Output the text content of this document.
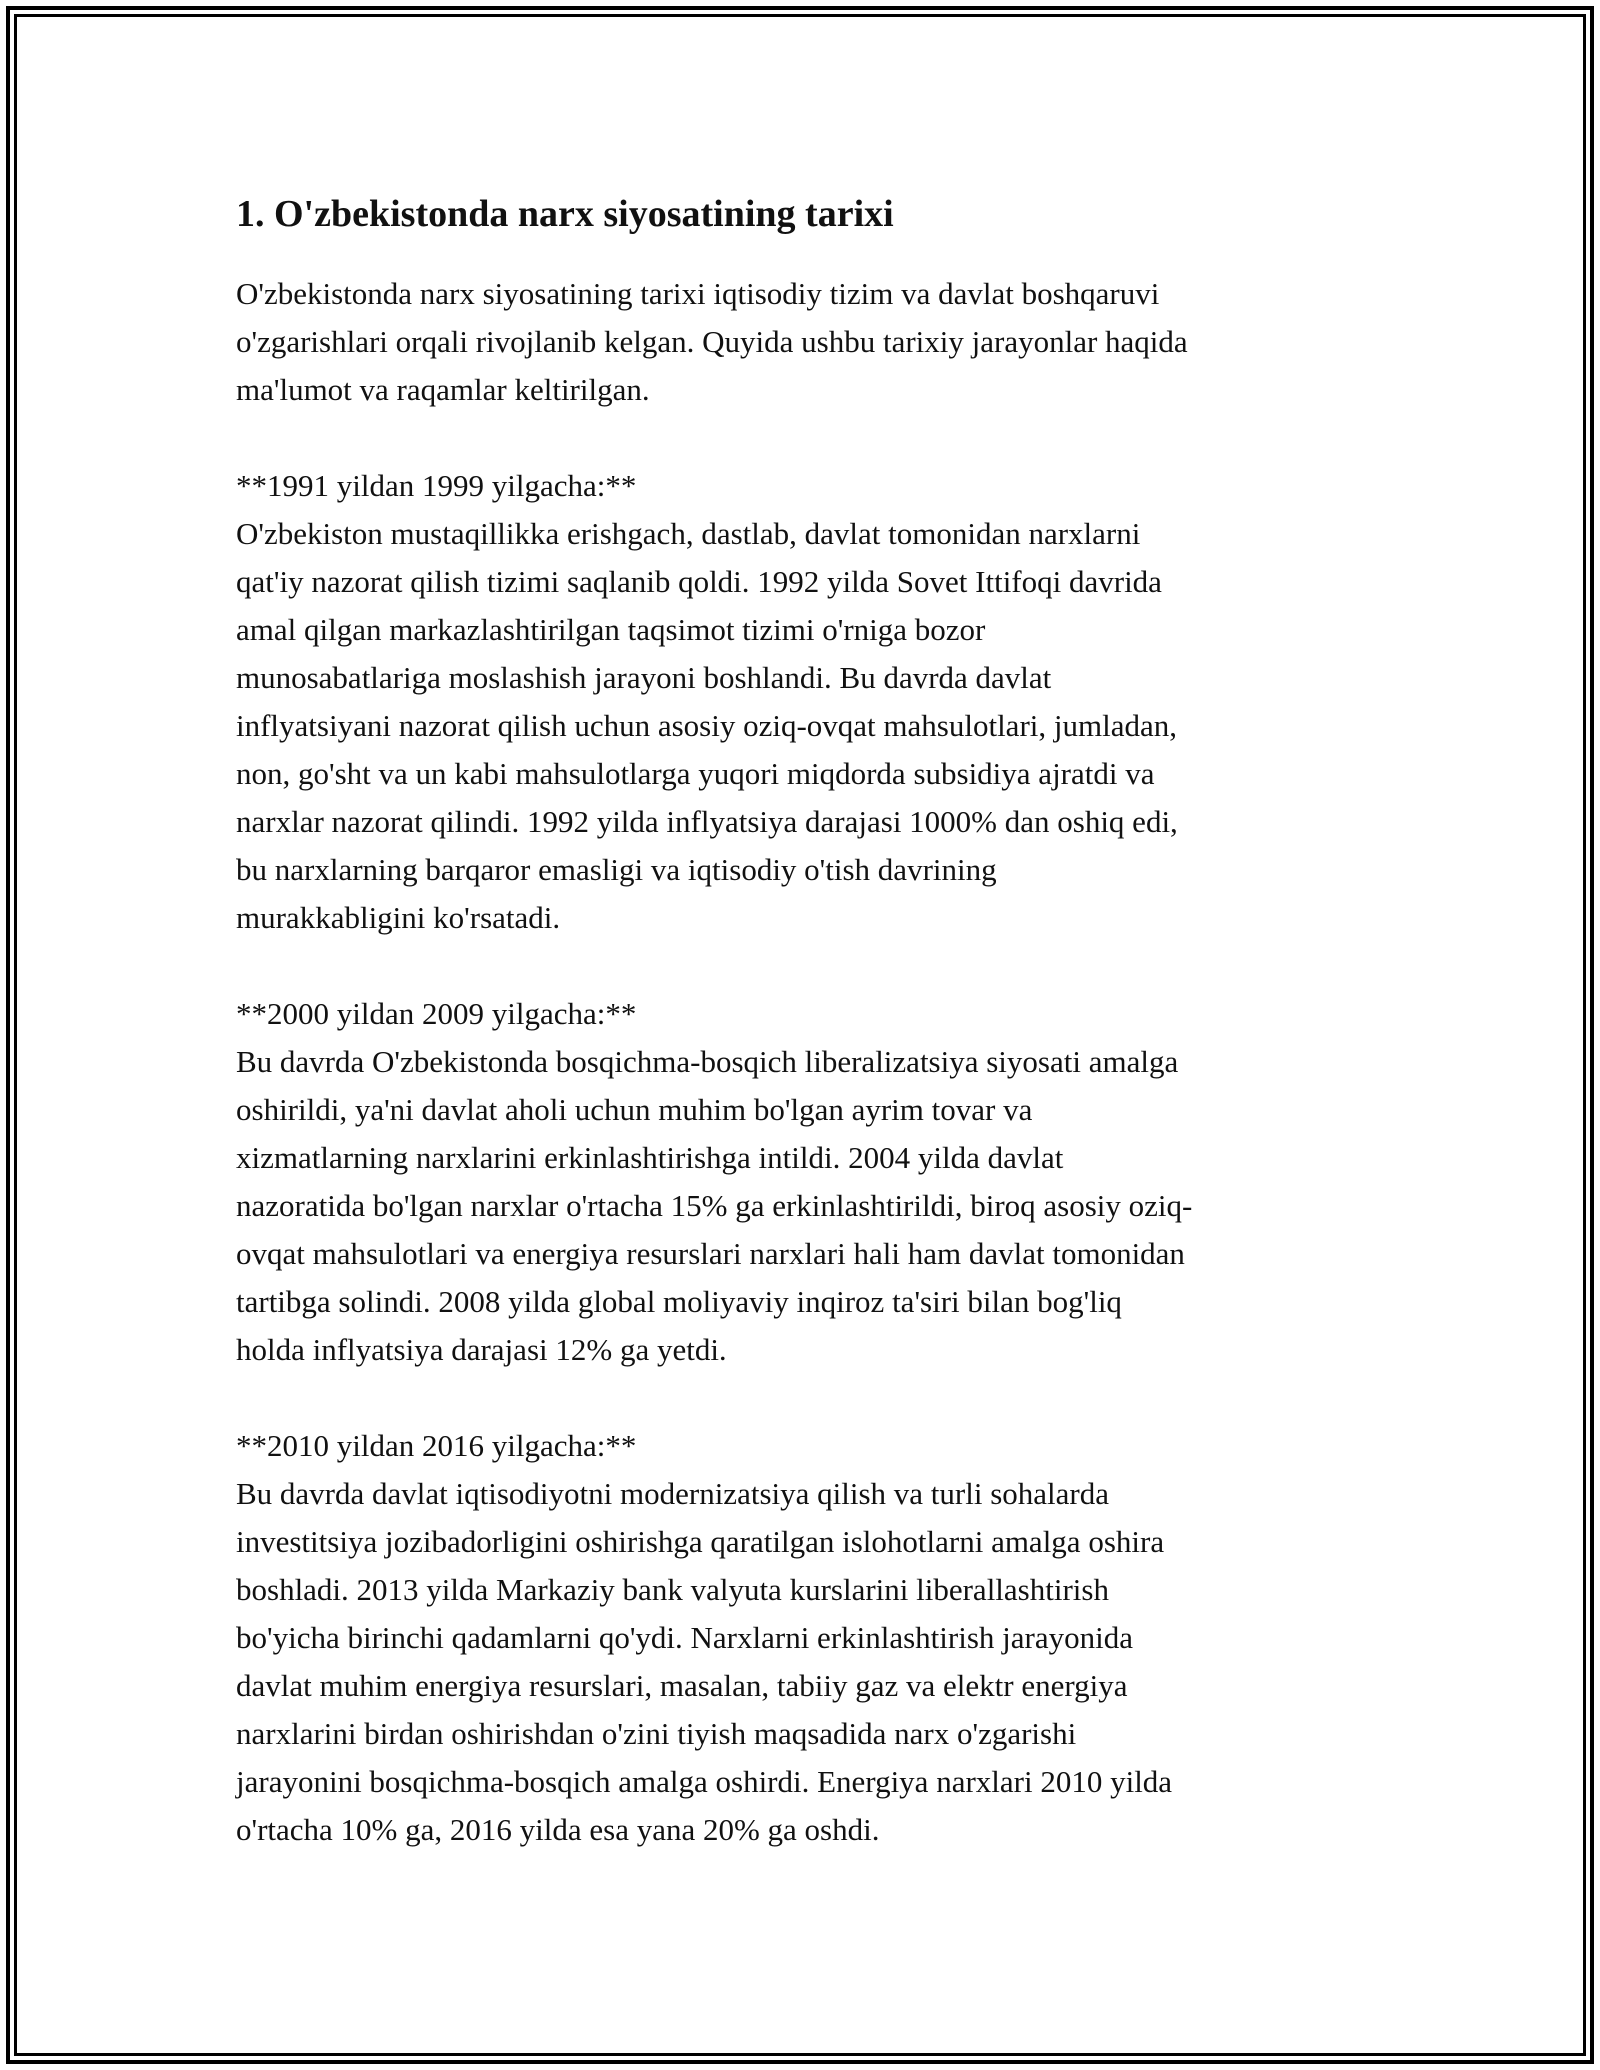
1. O'zbekistonda narx siyosatining tarixi

O'zbekistonda narx siyosatining tarixi iqtisodiy tizim va davlat boshqaruvi
o'zgarishlari orqali rivojlanib kelgan. Quyida ushbu tarixiy jarayonlar haqida
ma'lumot va raqamlar keltirilgan.

**1991 yildan 1999 yilgacha:**

O'zbekiston mustaqillikka erishgach, dastlab, davlat tomonidan narxlarni
qat'iy nazorat qilish tizimi saqlanib qoldi. 1992 yilda Sovet Ittifoqi davrida
amal qilgan markazlashtirilgan taqsimot tizimi o'rniga bozor
munosabatlariga moslashish jarayoni boshlandi. Bu davrda davlat
inflyatsiyani nazorat qilish uchun asosiy oziq-ovqat mahsulotlari, jumladan,
non, go'sht va un kabi mahsulotlarga yuqori miqdorda subsidiya ajratdi va
narxlar nazorat qilindi. 1992 yilda inflyatsiya darajasi 1000% dan oshiq edi,
bu narxlarning barqaror emasligi va iqtisodiy o'tish davrining
murakkabligini ko'rsatadi.

**2000 yildan 2009 yilgacha:**

Bu davrda O'zbekistonda bosqichma-bosqich liberalizatsiya siyosati amalga
oshirildi, ya'ni davlat aholi uchun muhim bo'lgan ayrim tovar va
xizmatlarning narxlarini erkinlashtirishga intildi. 2004 yilda davlat
nazoratida bo'lgan narxlar o'rtacha 15% ga erkinlashtirildi, biroq asosiy oziq-
ovqat mahsulotlari va energiya resurslari narxlari hali ham davlat tomonidan
tartibga solindi. 2008 yilda global moliyaviy inqiroz ta'siri bilan bog'liq
holda inflyatsiya darajasi 12% ga yetdi.

**2010 yildan 2016 yilgacha:**

Bu davrda davlat iqtisodiyotni modernizatsiya qilish va turli sohalarda
investitsiya jozibadorligini oshirishga qaratilgan islohotlarni amalga oshira
boshladi. 2013 yilda Markaziy bank valyuta kurslarini liberallashtirish
bo'yicha birinchi qadamlarni qo'ydi. Narxlarni erkinlashtirish jarayonida
davlat muhim energiya resurslari, masalan, tabiiy gaz va elektr energiya
narxlarini birdan oshirishdan o'zini tiyish maqsadida narx o'zgarishi
jarayonini bosqichma-bosqich amalga oshirdi. Energiya narxlari 2010 yilda
o'rtacha 10% ga, 2016 yilda esa yana 20% ga oshdi.
